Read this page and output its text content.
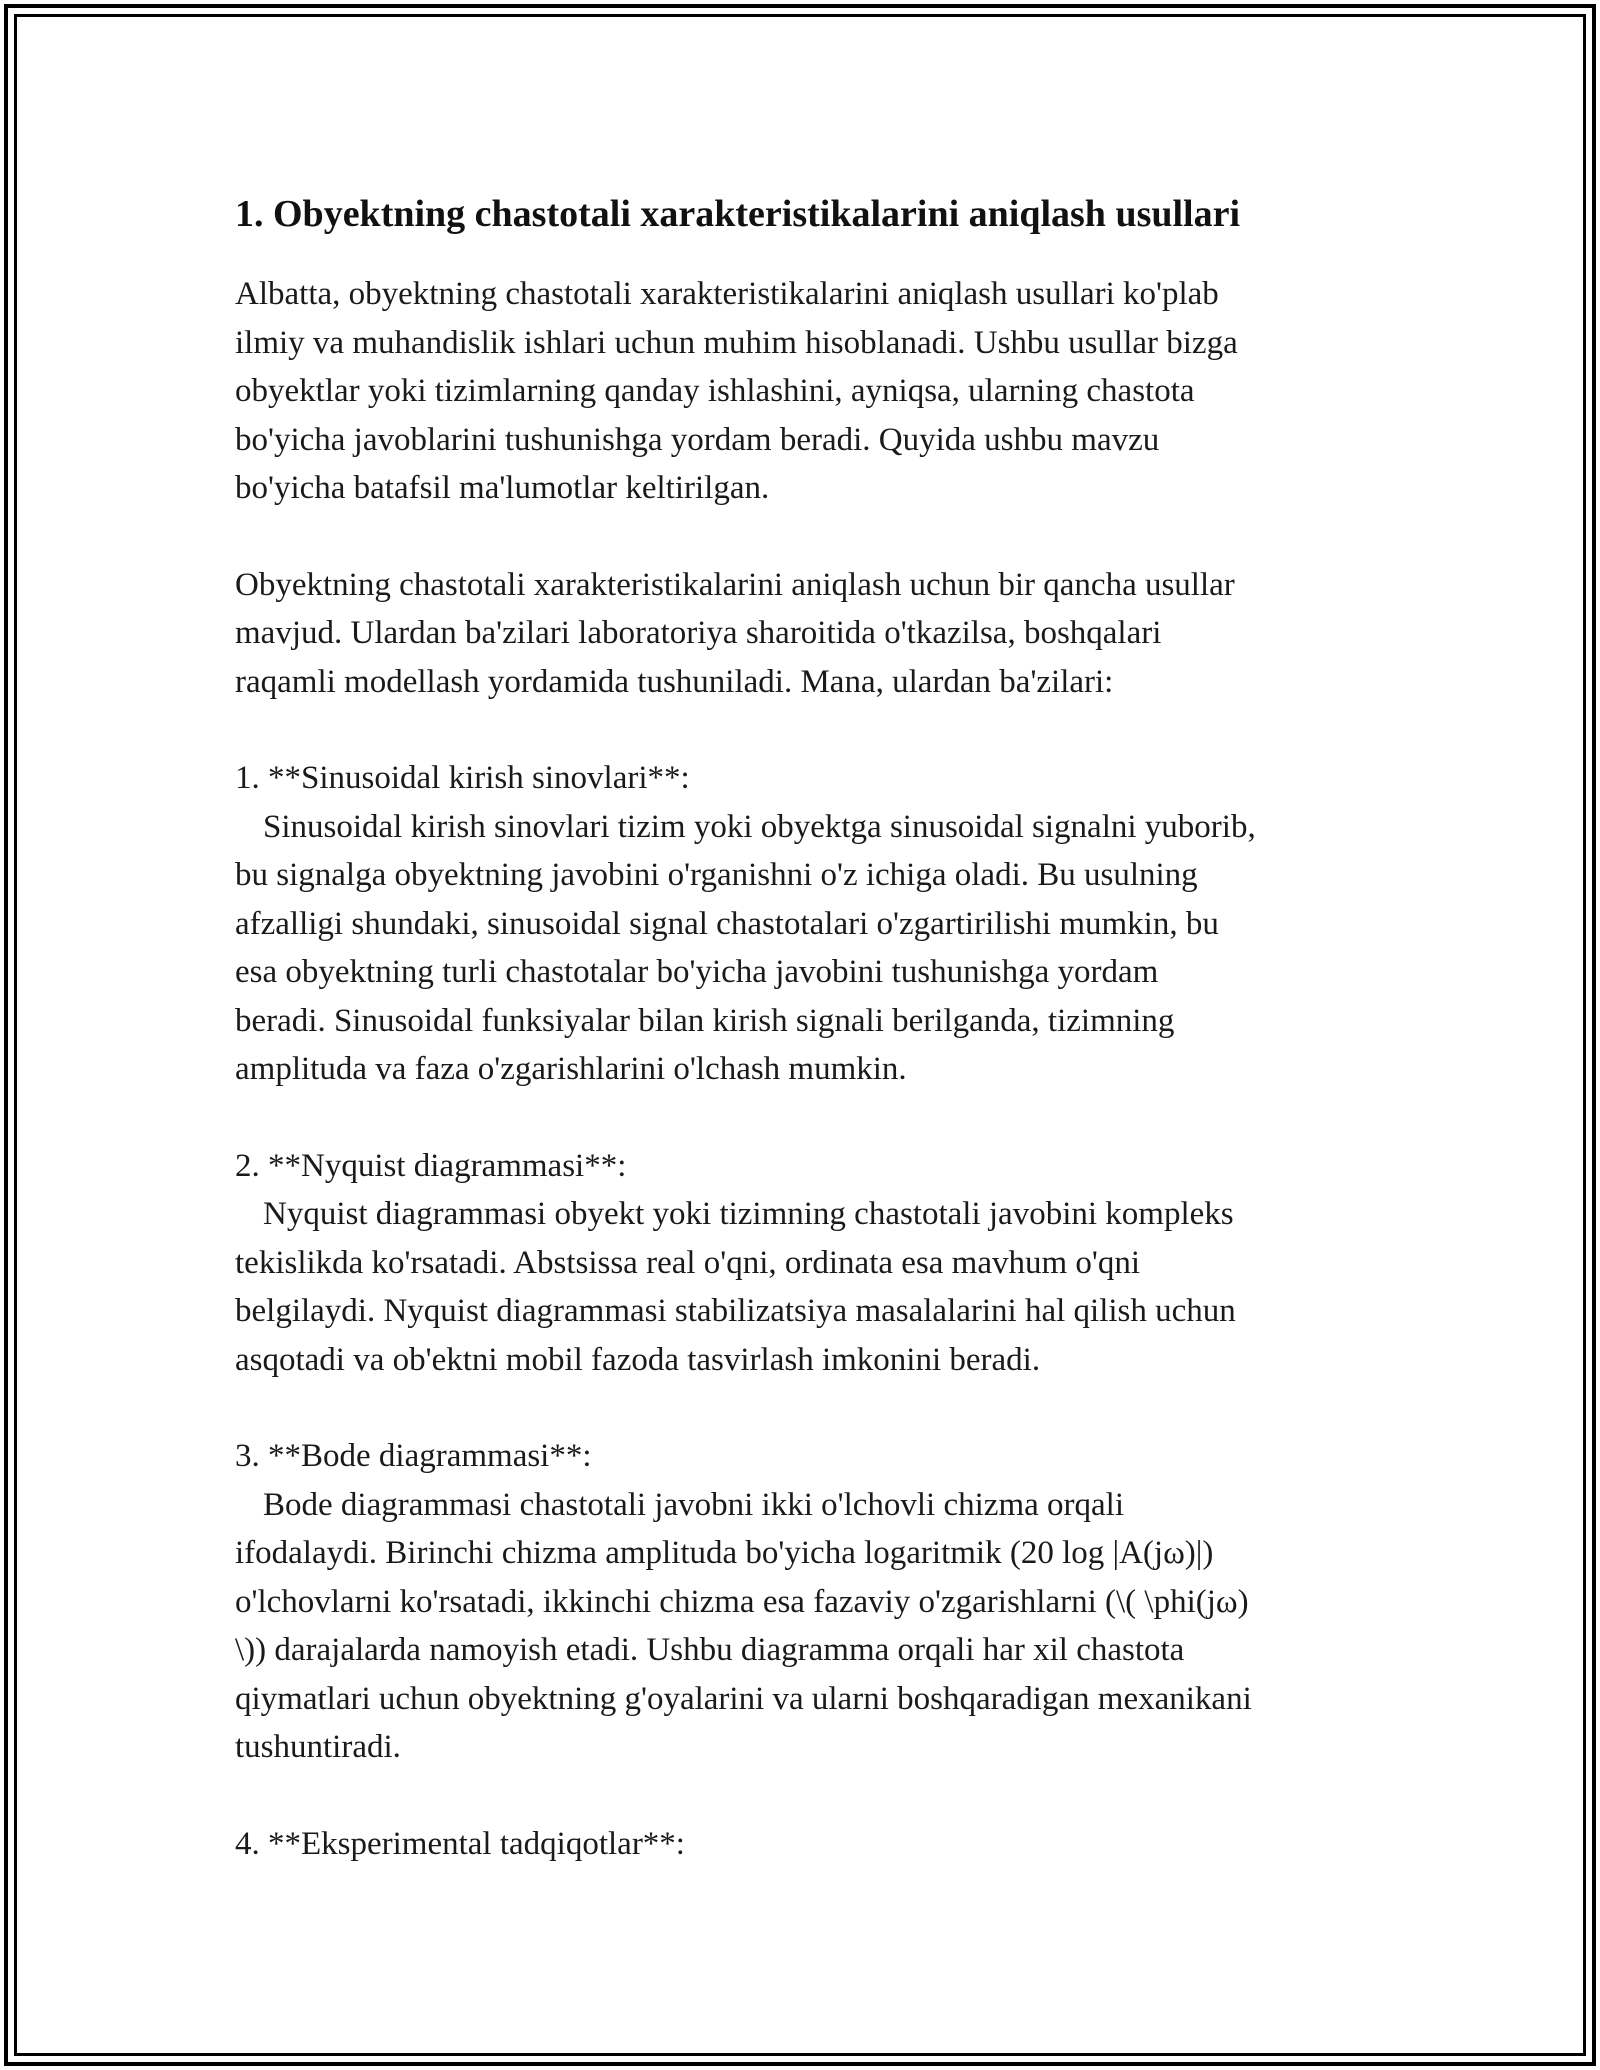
1. Obyektning chastotali xarakteristikalarini aniqlash usullari

Albatta, obyektning chastotali xarakteristikalarini aniqlash usullari ko'plab
ilmiy va muhandislik ishlari uchun muhim hisoblanadi. Ushbu usullar bizga
obyektlar yoki tizimlarning qanday ishlashini, ayniqsa, ularning chastota
bo'yicha javoblarini tushunishga yordam beradi. Quyida ushbu mavzu
bo'yicha batafsil ma'lumotlar keltirilgan.

Obyektning chastotali xarakteristikalarini aniqlash uchun bir qancha usullar
mavjud. Ulardan ba'zilari laboratoriya sharoitida o'tkazilsa, boshqalari
raqamli modellash yordamida tushuniladi. Mana, ulardan ba'zilari:

1. **Sinusoidal kirish sinovlari**:
Sinusoidal kirish sinovlari tizim yoki obyektga sinusoidal signalni yuborib,
bu signalga obyektning javobini o'rganishni o'z ichiga oladi. Bu usulning
afzalligi shundaki, sinusoidal signal chastotalari o'zgartirilishi mumkin, bu
esa obyektning turli chastotalar bo'yicha javobini tushunishga yordam
beradi. Sinusoidal funksiyalar bilan kirish signali berilganda, tizimning
amplituda va faza o'zgarishlarini o'lchash mumkin.

2. **Nyquist diagrammasi**:
Nyquist diagrammasi obyekt yoki tizimning chastotali javobini kompleks
tekislikda ko'rsatadi. Abstsissa real o'qni, ordinata esa mavhum o'qni
belgilaydi. Nyquist diagrammasi stabilizatsiya masalalarini hal qilish uchun
asqotadi va ob'ektni mobil fazoda tasvirlash imkonini beradi.

3. **Bode diagrammasi**:
Bode diagrammasi chastotali javobni ikki o'lchovli chizma orqali
ifodalaydi. Birinchi chizma amplituda bo'yicha logaritmik (20 log |A(jω)|)
o'lchovlarni ko'rsatadi, ikkinchi chizma esa fazaviy o'zgarishlarni (\( \phi(jω)
\)) darajalarda namoyish etadi. Ushbu diagramma orqali har xil chastota
qiymatlari uchun obyektning g'oyalarini va ularni boshqaradigan mexanikani
tushuntiradi.

4. **Eksperimental tadqiqotlar**:
